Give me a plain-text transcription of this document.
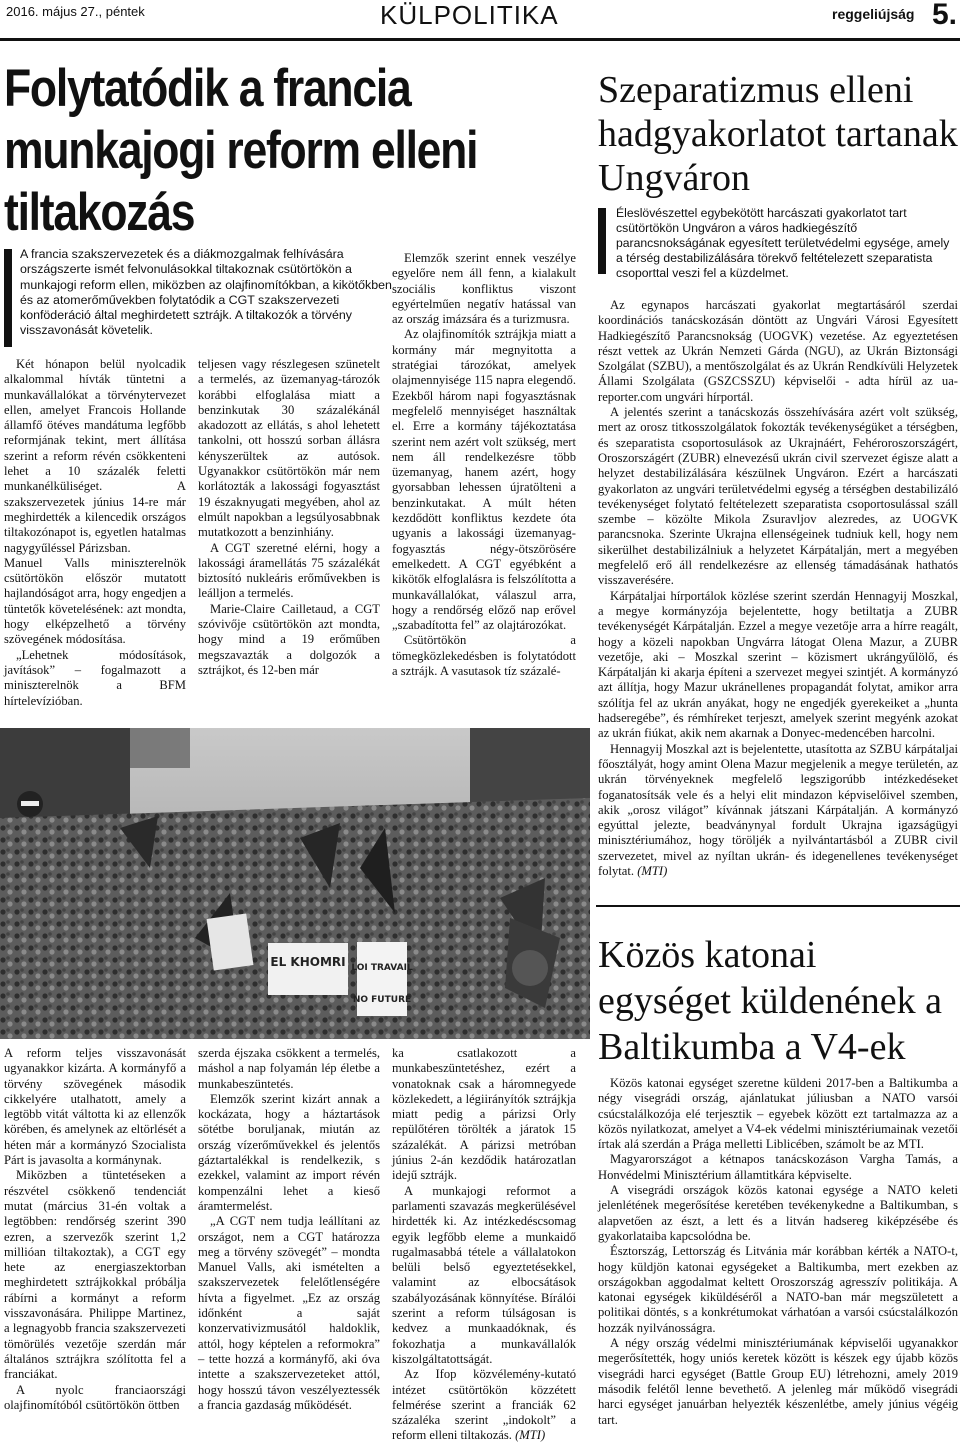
2016. május 27., péntek	KÜLPOLITIKA	reggeliújság 5.
Folytatódik a francia munkajogi reform elleni tiltakozás
A francia szakszervezetek és a diákmozgalmak felhívására országszerte ismét felvonulásokkal tiltakoznak csütörtökön a munkajogi reform ellen, miközben az olajfinomítókban, a kikötőkben és az atomerőművekben folytatódik a CGT szakszervezeti konföderáció által meghirdetett sztrájk. A tiltakozók a törvény visszavonását követelik.

Két hónapon belül nyolcadik alkalommal hívták tüntetni a munkavállalókat a törvénytervezet ellen, amelyet Francois Hollande államfő ötéves mandátuma legfőbb reformjának tekint, mert állítása szerint a reform révén csökkenteni lehet a 10 százalék feletti munkanélküliséget. A szakszervezetek június 14-re már meghirdették a kilencedik országos tiltakozónapot is, egyetlen hatalmas nagygyűléssel Párizsban.

Manuel Valls miniszterelnök csütörtökön először mutatott hajlandóságot arra, hogy engedjen a tüntetők követelésének: azt mondta, hogy elképzelhető a törvény szövegének módosítása.

„Lehetnek módosítások, javítások” – fogalmazott a miniszterelnök a BFM hírtelevízióban.

teljesen vagy részlegesen szünetelt a termelés, az üzemanyag-tározók korábbi elfoglalása miatt a benzinkutak 30 százalékánál akadozott az ellátás, s ahol lehetett tankolni, ott hosszú sorban állásra kényszerültek az autósok. Ugyanakkor csütörtökön már nem korlátozták a lakossági fogyasztást 19 északnyugati megyében, ahol az elmúlt napokban a legsúlyosabbnak mutatkozott a benzinhiány.

A CGT szeretné elérni, hogy a lakossági áramellátás 75 százalékát biztosító nukleáris erőművekben is leálljon a termelés.

Marie-Claire Cailletaud, a CGT szóvivője csütörtökön azt mondta, hogy mind a 19 erőműben megszavazták a dolgozók a sztrájkot, és 12-ben már

Elemzők szerint ennek veszélye egyelőre nem áll fenn, a kialakult szociális konfliktus viszont egyértelműen negatív hatással van az ország imázsára és a turizmusra.

Az olajfinomítók sztrájkja miatt a kormány már megnyitotta a stratégiai tározókat, amelyek olajmennyisége 115 napra elegendő. Ezekből három napi fogyasztásnak megfelelő mennyiséget használtak el. Erre a kormány tájékoztatása szerint nem azért volt szükség, mert nem áll rendelkezésre több üzemanyag, hanem azért, hogy gyorsabban lehessen újratölteni a benzinkutakat. A múlt héten kezdődött konfliktus kezdete óta ugyanis a lakossági üzemanyag-fogyasztás négy-ötszörösére emelkedett. A CGT egyébként a kikötők elfoglalásra is felszólította a munkavállalókat, válaszul arra, hogy a rendőrség előző nap erővel „szabadította fel” az olajtározókat.

Csütörtökön a tömegközlekedésben is folytatódott a sztrájk. A vasutasok tíz százalé-

EL KHOMRI LOI TRAVAIL
NO FUTURE

A reform teljes visszavonását ugyanakkor kizárta. A kormányfő a törvény szövegének második cikkelyére utalhatott, amely a legtöbb vitát váltotta ki az ellenzők körében, és amelynek az eltörlését a héten már a kormányzó Szocialista Párt is javasolta a kormánynak.

Miközben a tüntetéseken a részvétel csökkenő tendenciát mutat (március 31-én voltak a legtöbben: rendőrség szerint 390 ezren, a szervezők szerint 1,2 millióan tiltakoztak), a CGT egy hete az energiaszektorban meghirdetett sztrájkokkal próbálja rábírni a kormányt a reform visszavonására. Philippe Martinez, a legnagyobb francia szakszervezeti tömörülés vezetője szerdán már általános sztrájkra szólította fel a franciákat.

A nyolc franciaországi olajfinomítóból csütörtökön öttben

szerda éjszaka csökkent a termelés, máshol a nap folyamán lép életbe a munkabeszüntetés.

Elemzők szerint kizárt annak a kockázata, hogy a háztartások sötétbe boruljanak, miután az ország vízerőművekkel és jelentős gáztartalékkal is rendelkezik, s ezekkel, valamint az import révén kompenzálni lehet a kieső áramtermelést.

„A CGT nem tudja leállítani az országot, nem a CGT határozza meg a törvény szövegét” – mondta Manuel Valls, aki ismételten a szakszervezetek felelőtlenségére hívta a figyelmet. „Ez az ország időnként a saját konzervativizmusától haldoklik, attól, hogy képtelen a reformokra” – tette hozzá a kormányfő, aki óva intette a szakszervezeteket attól, hogy hosszú távon veszélyeztessék a francia gazdaság működését.

ka csatlakozott a munkabeszüntetéshez, ezért a vonatoknak csak a háromnegyede közlekedett, a légiirányítók sztrájkja miatt pedig a párizsi Orly repülőtéren törölték a járatok 15 százalékát. A párizsi metróban június 2-án kezdődik határozatlan idejű sztrájk.

A munkajogi reformot a parlamenti szavazás megkerülésével hirdették ki. Az intézkedéscsomag egyik legfőbb eleme a munkaidő rugalmasabbá tétele a vállalatokon belüli belső egyeztetésekkel, valamint az elbocsátások szabályozásának könnyítése. Bírálói szerint a reform túlságosan is kedvez a munkaadóknak, és fokozhatja a munkavállalók kiszolgáltatottságát.

Az Ifop közvélemény-kutató intézet csütörtökön közzétett felmérése szerint a franciák 62 százaléka szerint „indokolt” a reform elleni tiltakozás. (MTI)

Szeparatizmus elleni hadgyakorlatot tartanak Ungváron
Éleslövészettel egybekötött harcászati gyakorlatot tart csütörtökön Ungváron a város hadkiegészítő parancsnokságának egyesített területvédelmi egysége, amely a térség destabilizálására törekvő feltételezett szeparatista csoporttal veszi fel a küzdelmet.

Az egynapos harcászati gyakorlat megtartásáról szerdai koordinációs tanácskozásán döntött az Ungvári Városi Egyesített Hadkiegészítő Parancsnokság (UOGVK) vezetése. Az egyeztetésen részt vettek az Ukrán Nemzeti Gárda (NGU), az Ukrán Biztonsági Szolgálat (SZBU), a mentőszolgálat és az Ukrán Rendkívüli Helyzetek Állami Szolgálata (GSZCSSZU) képviselői - adta hírül az ua-reporter.com ungvári hírportál.

A jelentés szerint a tanácskozás összehívására azért volt szükség, mert az orosz titkosszolgálatok fokozták tevékenységüket a térségben, és szeparatista csoportosulások az Ukrajnáért, Fehéroroszországért, Oroszországért (ZUBR) elnevezésű ukrán civil szervezet égisze alatt a helyzet destabilizálására készülnek Ungváron. Ezért a harcászati gyakorlaton az ungvári területvédelmi egység a térségben destabilizáló tevékenységet folytató feltételezett szeparatista csoportosulással száll szembe – közölte Mikola Zsuravljov alezredes, az UOGVK parancsnoka. Szerinte Ukrajna ellenségeinek tudniuk kell, hogy nem sikerülhet destabilizálniuk a helyzetet Kárpátalján, mert a megyében megfelelő erő áll rendelkezésre az ellenség támadásának hathatós visszaverésére.

Kárpátaljai hírportálok közlése szerint szerdán Hennagyij Moszkal, a megye kormányzója bejelentette, hogy betiltatja a ZUBR tevékenységét Kárpátalján. Ezzel a megye vezetője arra a hírre reagált, hogy a közeli napokban Ungvárra látogat Olena Mazur, a ZUBR vezetője, aki – Moszkal szerint – közismert ukrángyűlölő, és Kárpátalján ki akarja építeni a szervezet megyei szintjét. A kormányzó azt állítja, hogy Mazur ukránellenes propagandát folytat, amikor arra szólítja fel az ukrán anyákat, hogy ne engedjék gyerekeiket a „hunta hadseregébe”, és rémhíreket terjeszt, amelyek szerint megyénk azokat az ukrán fiúkat, akik nem akarnak a Donyec-medencében harcolni.

Hennagyij Moszkal azt is bejelentette, utasította az SZBU kárpátaljai főosztályát, hogy amint Olena Mazur megjelenik a megye területén, az ukrán törvényeknek megfelelő legszigorúbb intézkedéseket foganatosítsák vele és a helyi elit mindazon képviselőivel szemben, akik „orosz világot” kívánnak játszani Kárpátalján. A kormányzó egyúttal jelezte, beadványnyal fordult Ukrajna igazságügyi minisztériumához, hogy töröljék a nyilvántartásból a ZUBR civil szervezetet, mivel az nyíltan ukrán- és idegenellenes tevékenységet folytat. (MTI)

Közös katonai egységet küldenének a Baltikumba a V4-ek

Közös katonai egységet szeretne küldeni 2017-ben a Baltikumba a négy visegrádi ország, ajánlatukat júliusban a NATO varsói csúcstalálkozója elé terjesztik – egyebek között ezt tartalmazza az a közös nyilatkozat, amelyet a V4-ek védelmi minisztériumainak vezetői írtak alá szerdán a Prága melletti Liblicében, számolt be az MTI.

Magyarországot a kétnapos tanácskozáson Vargha Tamás, a Honvédelmi Minisztérium államtitkára képviselte.

A visegrádi országok közös katonai egysége a NATO keleti jelenlétének megerősítése keretében tevékenykedne a Baltikumban, s alapvetően az észt, a lett és a litván hadsereg kiképzésébe és gyakorlataiba kapcsolódna be.

Észtország, Lettország és Litvánia már korábban kérték a NATO-t, hogy küldjön katonai egységeket a Baltikumba, mert ezekben az országokban aggodalmat keltett Oroszország agresszív politikája. A katonai egységek kiküldéséről a NATO-ban már megszületett a politikai döntés, s a konkrétumokat várhatóan a varsói csúcstalálkozón hozzák nyilvánosságra.

A négy ország védelmi minisztériumának képviselői ugyanakkor megerősítették, hogy uniós keretek között is készek egy újabb közös visegrádi harci egységet (Battle Group EU) létrehozni, amely 2019 második felétől lenne bevethető. A jelenleg már működő visegrádi harci egységet januárban helyezték készenlétbe, amely június végéig tart.
